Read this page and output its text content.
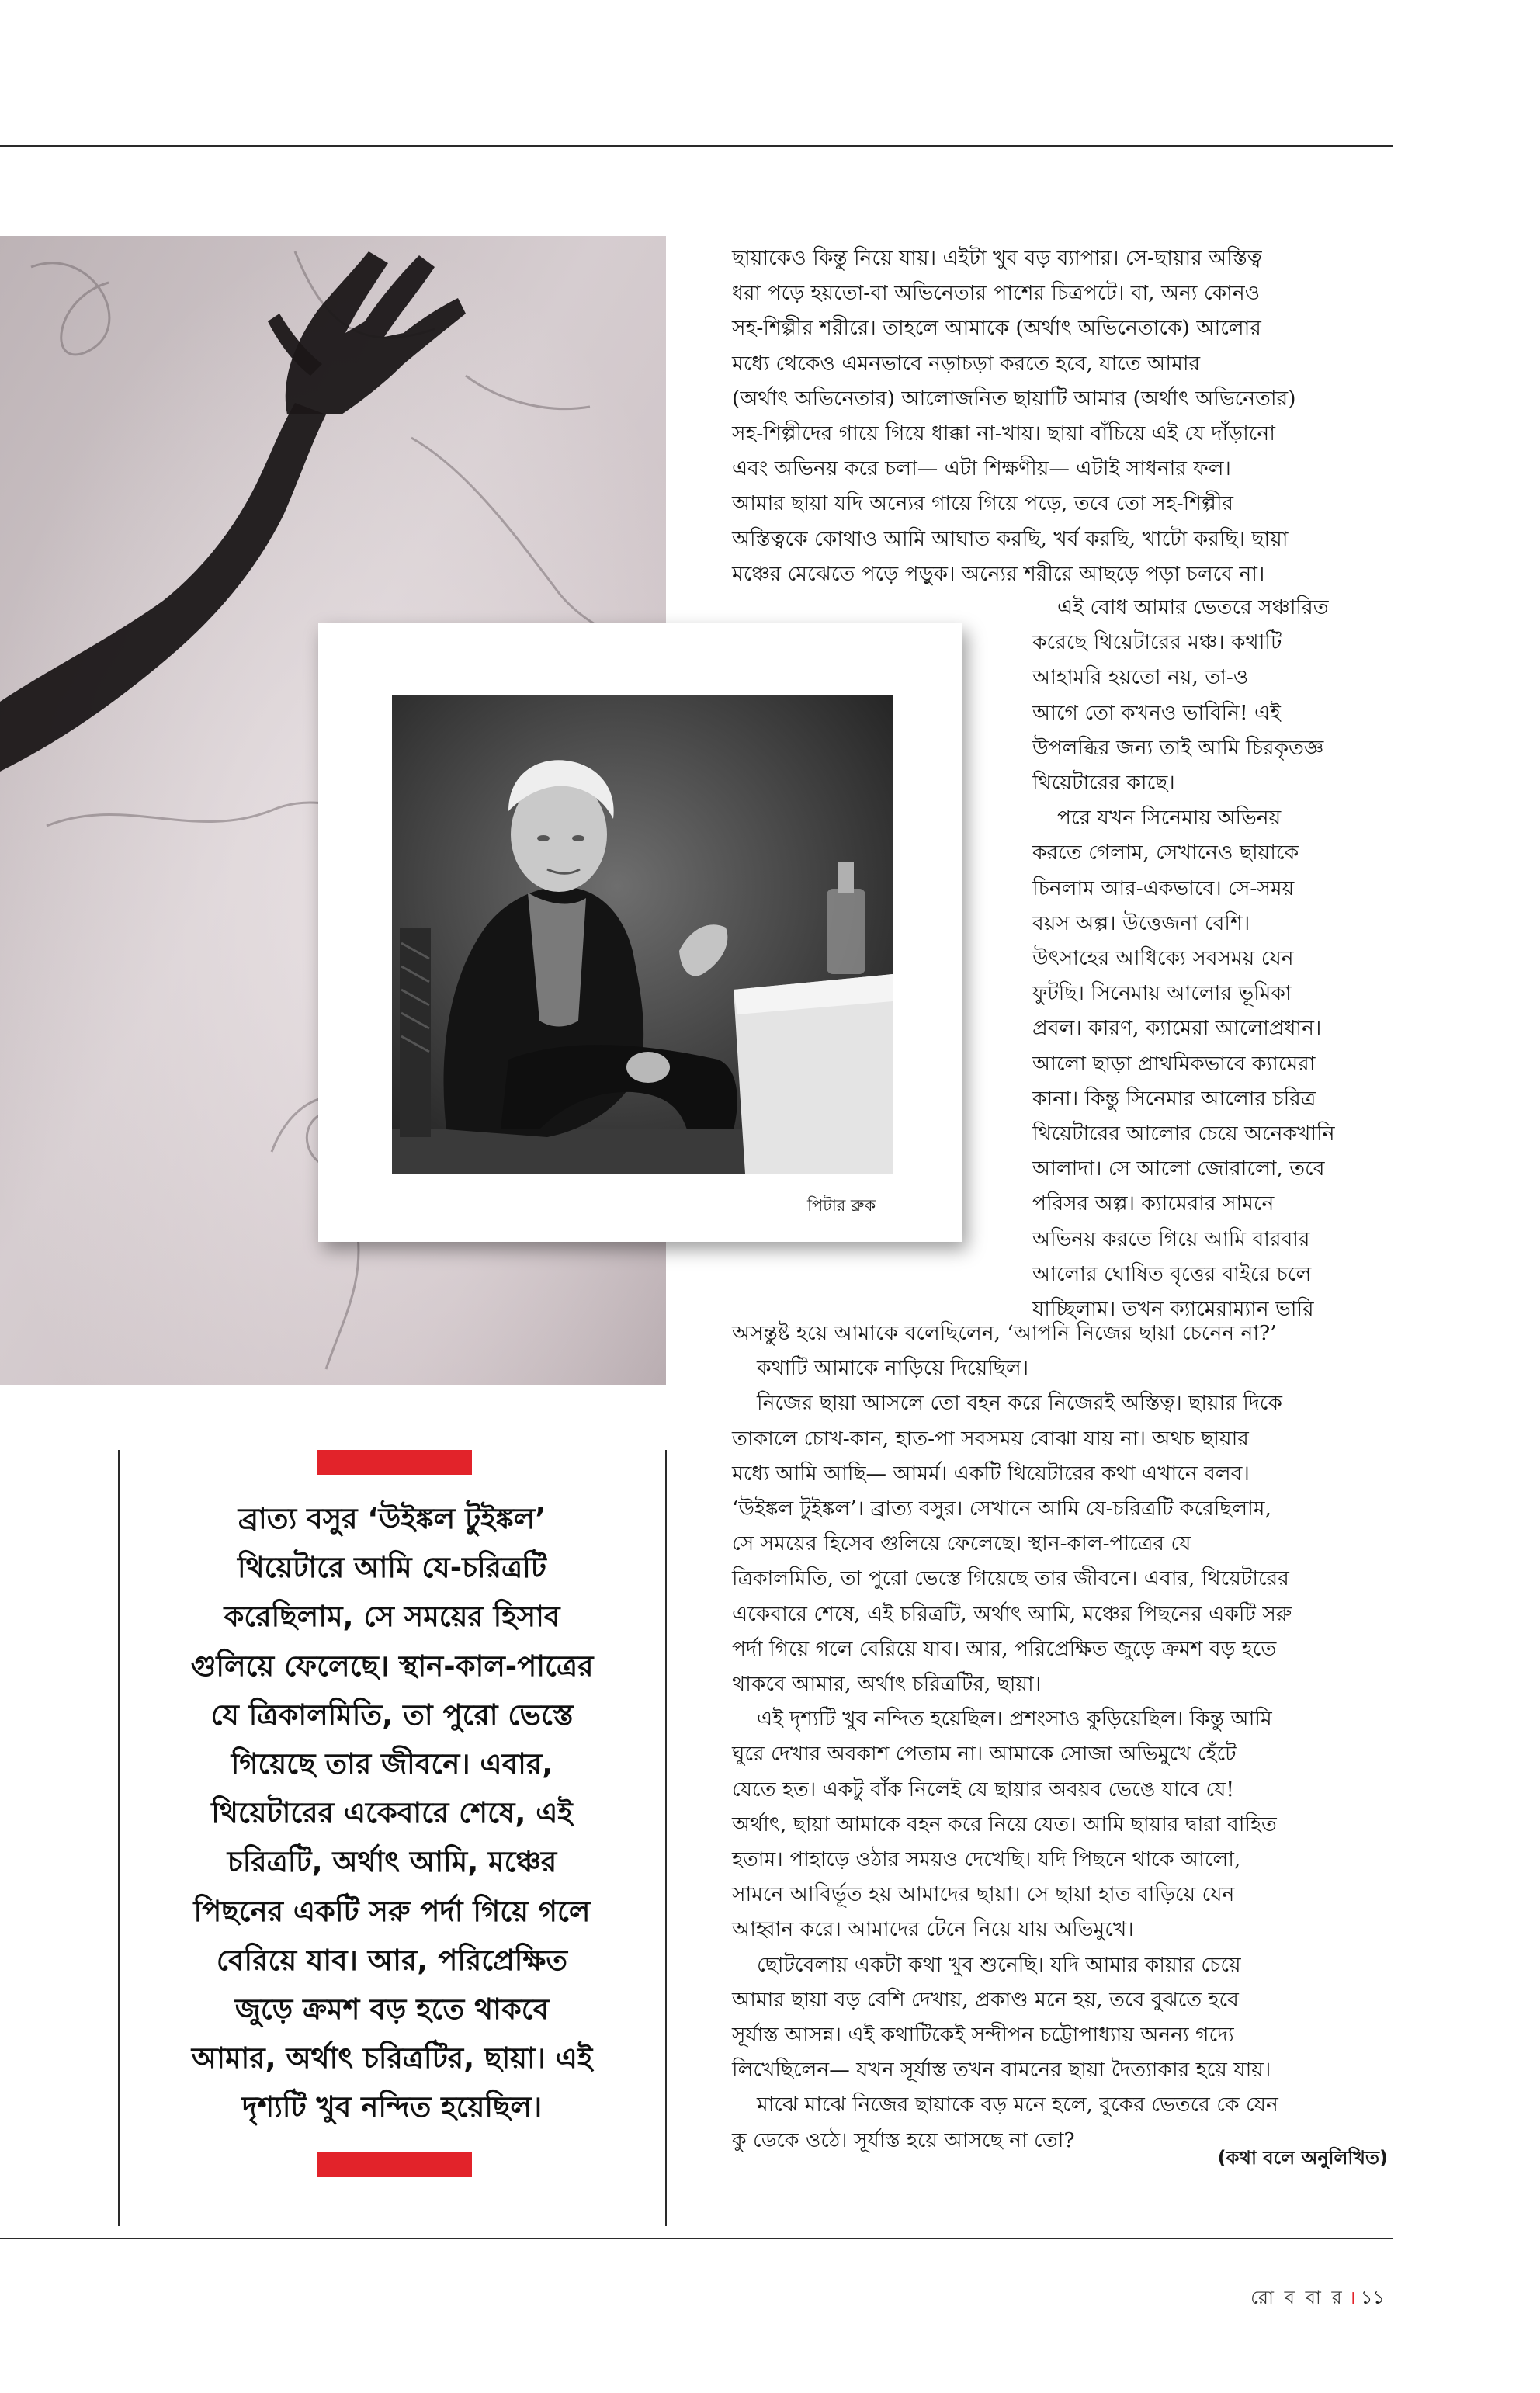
ছায়াকেও কিন্তু নিয়ে যায়। এইটা খুব বড় ব্যাপার। সে-ছায়ার অস্তিত্ব
ধরা পড়ে হয়তো-বা অভিনেতার পাশের চিত্রপটে। বা, অন্য কোনও
সহ-শিল্পীর শরীরে। তাহলে আমাকে (অর্থাৎ অভিনেতাকে) আলোর
মধ্যে থেকেও এমনভাবে নড়াচড়া করতে হবে, যাতে আমার
(অর্থাৎ অভিনেতার) আলোজনিত ছায়াটি আমার (অর্থাৎ অভিনেতার)
সহ-শিল্পীদের গায়ে গিয়ে ধাক্কা না-খায়। ছায়া বাঁচিয়ে এই যে দাঁড়ানো
এবং অভিনয় করে চলা— এটা শিক্ষণীয়— এটাই সাধনার ফল।
আমার ছায়া যদি অন্যের গায়ে গিয়ে পড়ে, তবে তো সহ-শিল্পীর
অস্তিত্বকে কোথাও আমি আঘাত করছি, খর্ব করছি, খাটো করছি। ছায়া
মঞ্চের মেঝেতে পড়ে পড়ুক। অন্যের শরীরে আছড়ে পড়া চলবে না।

পিটার ব্রুক

এই বোধ আমার ভেতরে সঞ্চারিত
করেছে থিয়েটারের মঞ্চ। কথাটি
আহামরি হয়তো নয়, তা-ও
আগে তো কখনও ভাবিনি! এই
উপলব্ধির জন্য তাই আমি চিরকৃতজ্ঞ
থিয়েটারের কাছে।
পরে যখন সিনেমায় অভিনয়
করতে গেলাম, সেখানেও ছায়াকে
চিনলাম আর-একভাবে। সে-সময়
বয়স অল্প। উত্তেজনা বেশি।
উৎসাহের আধিক্যে সবসময় যেন
ফুটছি। সিনেমায় আলোর ভূমিকা
প্রবল। কারণ, ক্যামেরা আলোপ্রধান।
আলো ছাড়া প্রাথমিকভাবে ক্যামেরা
কানা। কিন্তু সিনেমার আলোর চরিত্র
থিয়েটারের আলোর চেয়ে অনেকখানি
আলাদা। সে আলো জোরালো, তবে
পরিসর অল্প। ক্যামেরার সামনে
অভিনয় করতে গিয়ে আমি বারবার
আলোর ঘোষিত বৃত্তের বাইরে চলে
যাচ্ছিলাম। তখন ক্যামেরাম্যান ভারি

অসন্তুষ্ট হয়ে আমাকে বলেছিলেন, ‘আপনি নিজের ছায়া চেনেন না?’
কথাটি আমাকে নাড়িয়ে দিয়েছিল।
নিজের ছায়া আসলে তো বহন করে নিজেরই অস্তিত্ব। ছায়ার দিকে
তাকালে চোখ-কান, হাত-পা সবসময় বোঝা যায় না। অথচ ছায়ার
মধ্যে আমি আছি— আমর্ম। একটি থিয়েটারের কথা এখানে বলব।
‘উইঙ্কল টুইঙ্কল’। ব্রাত্য বসুর। সেখানে আমি যে-চরিত্রটি করেছিলাম,
সে সময়ের হিসেব গুলিয়ে ফেলেছে। স্থান-কাল-পাত্রের যে
ত্রিকালমিতি, তা পুরো ভেস্তে গিয়েছে তার জীবনে। এবার, থিয়েটারের
একেবারে শেষে, এই চরিত্রটি, অর্থাৎ আমি, মঞ্চের পিছনের একটি সরু
পর্দা গিয়ে গলে বেরিয়ে যাব। আর, পরিপ্রেক্ষিত জুড়ে ক্রমশ বড় হতে
থাকবে আমার, অর্থাৎ চরিত্রটির, ছায়া।
এই দৃশ্যটি খুব নন্দিত হয়েছিল। প্রশংসাও কুড়িয়েছিল। কিন্তু আমি
ঘুরে দেখার অবকাশ পেতাম না। আমাকে সোজা অভিমুখে হেঁটে
যেতে হত। একটু বাঁক নিলেই যে ছায়ার অবয়ব ভেঙে যাবে যে!
অর্থাৎ, ছায়া আমাকে বহন করে নিয়ে যেত। আমি ছায়ার দ্বারা বাহিত
হতাম। পাহাড়ে ওঠার সময়ও দেখেছি। যদি পিছনে থাকে আলো,
সামনে আবির্ভূত হয় আমাদের ছায়া। সে ছায়া হাত বাড়িয়ে যেন
আহ্বান করে। আমাদের টেনে নিয়ে যায় অভিমুখে।
ছোটবেলায় একটা কথা খুব শুনেছি। যদি আমার কায়ার চেয়ে
আমার ছায়া বড় বেশি দেখায়, প্রকাণ্ড মনে হয়, তবে বুঝতে হবে
সূর্যাস্ত আসন্ন। এই কথাটিকেই সন্দীপন চট্টোপাধ্যায় অনন্য গদ্যে
লিখেছিলেন— যখন সূর্যাস্ত তখন বামনের ছায়া দৈত্যাকার হয়ে যায়।
মাঝে মাঝে নিজের ছায়াকে বড় মনে হলে, বুকের ভেতরে কে যেন
কু ডেকে ওঠে। সূর্যাস্ত হয়ে আসছে না তো?

(কথা বলে অনুলিখিত)
ব্রাত্য বসুর ‘উইঙ্কল টুইঙ্কল’
থিয়েটারে আমি যে-চরিত্রটি
করেছিলাম, সে সময়ের হিসাব
গুলিয়ে ফেলেছে। স্থান-কাল-পাত্রের
যে ত্রিকালমিতি, তা পুরো ভেস্তে
গিয়েছে তার জীবনে। এবার,
থিয়েটারের একেবারে শেষে, এই
চরিত্রটি, অর্থাৎ আমি, মঞ্চের
পিছনের একটি সরু পর্দা গিয়ে গলে
বেরিয়ে যাব। আর, পরিপ্রেক্ষিত
জুড়ে ক্রমশ বড় হতে থাকবে
আমার, অর্থাৎ চরিত্রটির, ছায়া। এই
দৃশ্যটি খুব নন্দিত হয়েছিল।
রো ব বা র । ১১
